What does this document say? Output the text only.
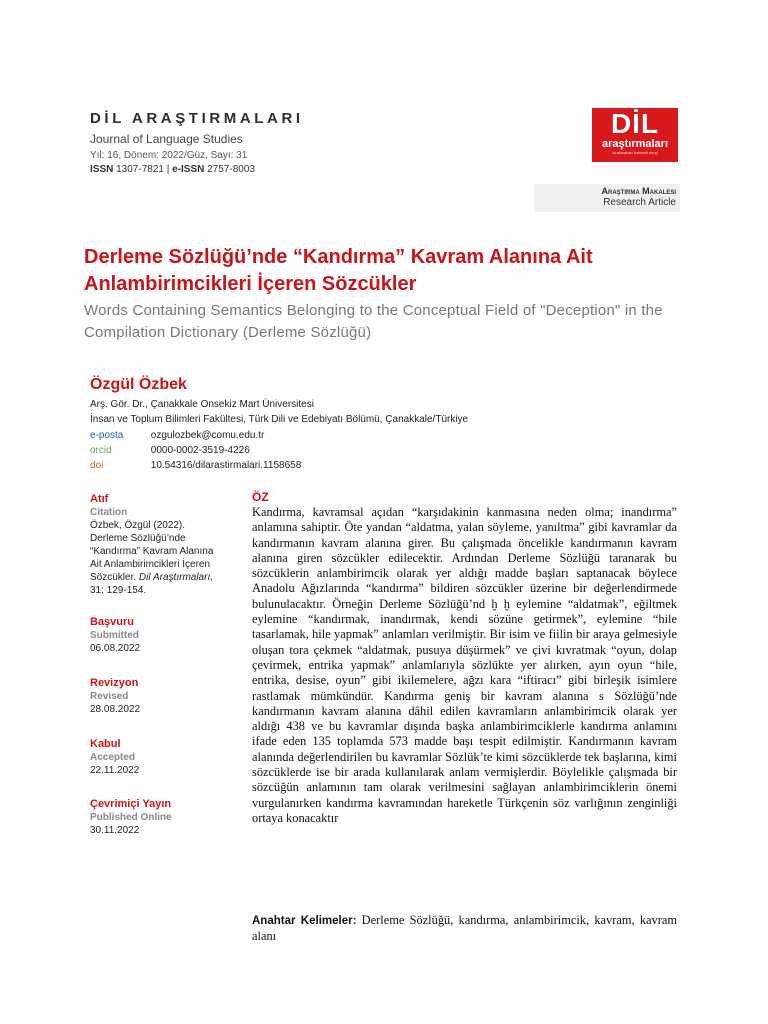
DİL ARAŞTIRMALARI
Journal of Language Studies
Yıl: 16, Dönem: 2022/Güz, Sayı: 31
ISSN 1307-7821 | e-ISSN 2757-8003
DİL
araştırmaları
uluslararası hakemli dergi
Araştırma Makalesi
Research Article
Derleme Sözlüğü’nde “Kandırma” Kavram Alanına Ait Anlambirimcikleri İçeren Sözcükler
Words Containing Semantics Belonging to the Conceptual Field of "Deception" in the Compilation Dictionary (Derleme Sözlüğü)
Özgül Özbek
Arş. Gör. Dr., Çanakkale Onsekiz Mart Üniversitesi
İnsan ve Toplum Bilimleri Fakültesi, Türk Dili ve Edebiyatı Bölümü, Çanakkale/Türkiye
e-posta	ozgulozbek@comu.edu.tr
orcid	0000-0002-3519-4226
doi	10.54316/dilarastirmalari.1158658
Atıf
Citation
Özbek, Özgül (2022).
Derleme Sözlüğü’nde
“Kandırma” Kavram Alanına
Ait Anlambirimcikleri İçeren
Sözcükler. Dil Araştırmaları,
31: 129-154.
Başvuru
Submitted
06.08.2022
Revizyon
Revised
28.08.2022
Kabul
Accepted
22.11.2022
Çevrimiçi Yayın
Published Online
30.11.2022
ÖZ

Kandırma, kavramsal açıdan “karşıdakinin kanmasına neden olma; inandırma” anlamına sahiptir. Öte yandan “aldatma, yalan söyleme, yanıltma” gibi kavramlar da kandırmanın kavram alanına girer. Bu çalışmada öncelikle kandırmanın kavram alanına giren sözcükler edilecektir. Ardından Derleme Sözlüğü taranarak bu sözcüklerin anlambirimcik olarak yer aldığı madde başları saptanacak böylece Anadolu Ağızlarında “kandırma” bildiren sözcükler üzerine bir değerlendirmede bulunulacaktır. Örneğin Derleme Sözlüğü’nd ḫ ḫ eylemine “aldatmak”, eğiltmek eylemine “kandırmak, inandırmak, kendi sözüne getirmek”, eylemine “hile tasarlamak, hile yapmak” anlamları verilmiştir. Bir isim ve fiilin bir araya gelmesiyle oluşan tora çekmek “aldatmak, pusuya düşürmek” ve çivi kıvratmak “oyun, dolap çevirmek, entrika yapmak” anlamlarıyla sözlükte yer alırken, ayın oyun “hile, entrika, desise, oyun” gibi ikilemelere, ağzı kara “iftiracı” gibi birleşik isimlere rastlamak mümkündür. Kandırma geniş bir kavram alanına s Sözlüğü’nde kandırmanın kavram alanına dâhil edilen kavramların anlambirimcik olarak yer aldığı 438 ve bu kavramlar dışında başka anlambirimciklerle kandırma anlamını ifade eden 135 toplamda 573 madde başı tespit edilmiştir. Kandırmanın kavram alanında değerlendirilen bu kavramlar Sözlük’te kimi sözcüklerde tek başlarına, kimi sözcüklerde ise bir arada kullanılarak anlam vermişlerdir. Böylelikle çalışmada bir sözcüğün anlamının tam olarak verilmesini sağlayan anlambirimciklerin önemi vurgulanırken kandırma kavramından hareketle Türkçenin söz varlığının zenginliği ortaya konacaktır

Anahtar Kelimeler: Derleme Sözlüğü, kandırma, anlambirimcik, kavram, kavram alanı
